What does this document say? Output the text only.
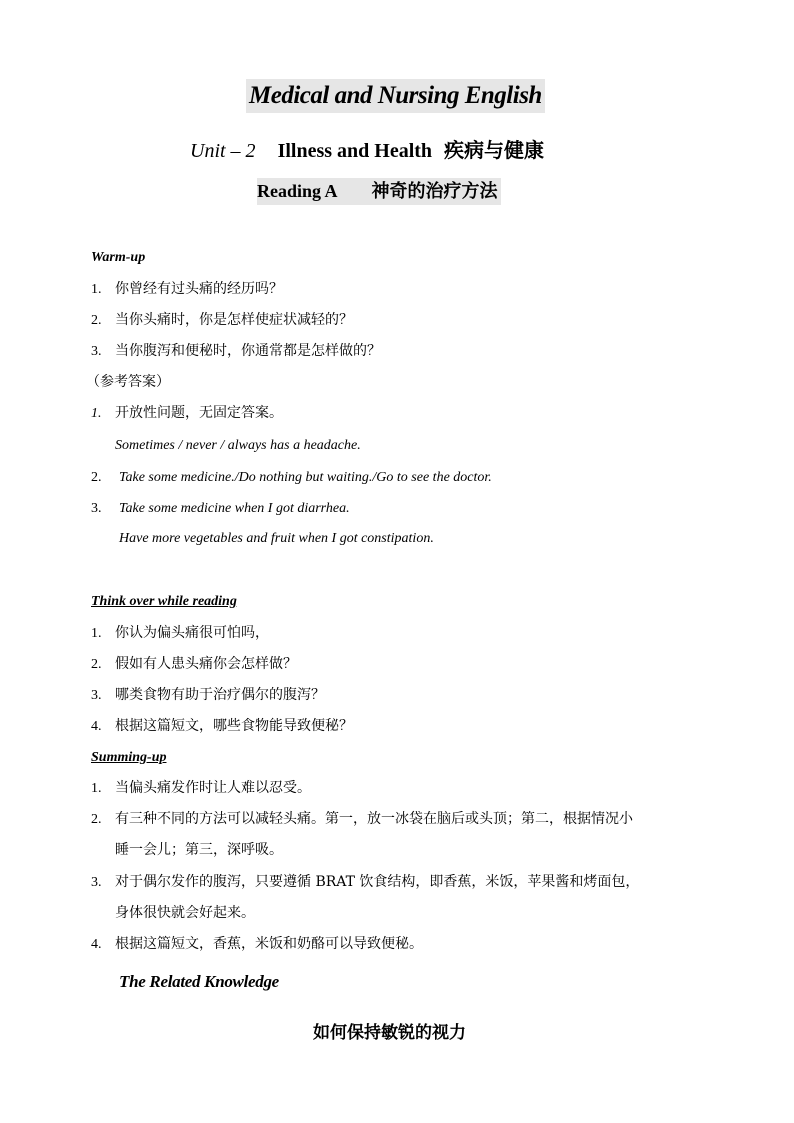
Medical and Nursing English
Unit – 2 Illness and Health 疾病与健康
Reading A 神奇的治疗方法
Warm-up
1. 你曾经有过头痛的经历吗？
2. 当你头痛时，你是怎样使症状减轻的？
3. 当你腹泻和便秘时，你通常都是怎样做的？
（参考答案）
1. 开放性问题，无固定答案。
Sometimes / never / always has a headache.
2. Take some medicine./Do nothing but waiting./Go to see the doctor.
3. Take some medicine when I got diarrhea.
Have more vegetables and fruit when I got constipation.
Think over while reading
1. 你认为偏头痛很可怕吗，
2. 假如有人患头痛你会怎样做？
3. 哪类食物有助于治疗偶尔的腹泻？
4. 根据这篇短文，哪些食物能导致便秘？
Summing-up
1. 当偏头痛发作时让人难以忍受。
2. 有三种不同的方法可以减轻头痛。第一，放一冰袋在脑后或头顶；第二，根据情况小
睡一会儿；第三，深呼吸。
3. 对于偶尔发作的腹泻，只要遵循 BRAT 饮食结构，即香蕉，米饭，苹果酱和烤面包，
身体很快就会好起来。
4. 根据这篇短文，香蕉，米饭和奶酪可以导致便秘。
The Related Knowledge
如何保持敏锐的视力
